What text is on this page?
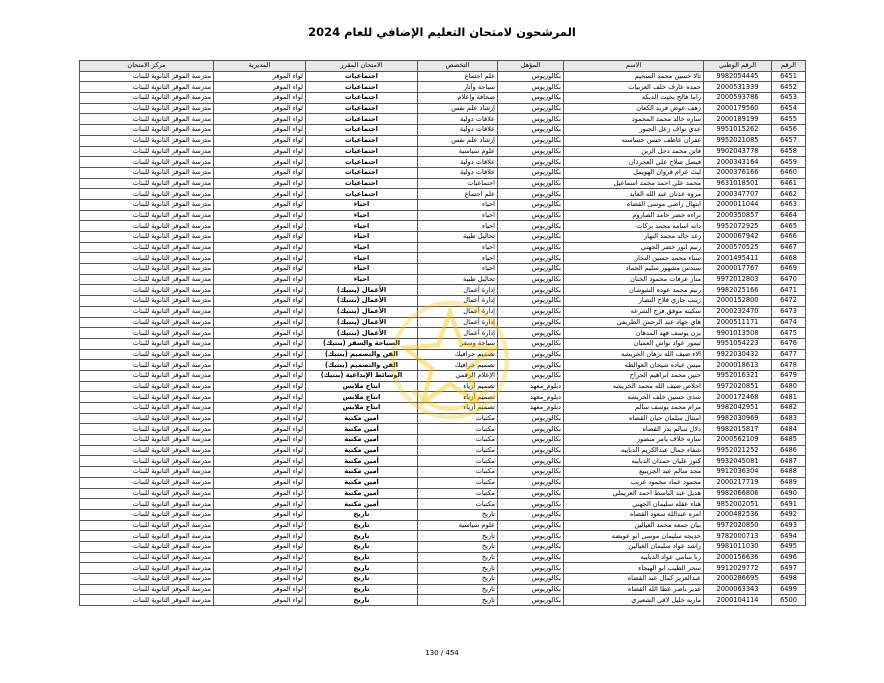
المرشحون لامتحان التعليم الإضافي للعام 2024
الرقم	الرقم الوطني	الاسم	المؤهل	التخصص	الامتحان المقرر	المديرية	مركز الامتحان
6451	9982054445	تالا حسين محمد السحيم	بكالوريوس	علم اجتماع	اجتماعيات	لواء الموقر	مدرسة الموقر الثانوية للبنات
6452	2000531339	حمده عارف خلف العربيات	بكالوريوس	سياحة وآثار	اجتماعيات	لواء الموقر	مدرسة الموقر الثانوية للبنات
6453	2000593786	راما فالح بخيت الدبكه	بكالوريوس	صحافة وإعلام	اجتماعيات	لواء الموقر	مدرسة الموقر الثانوية للبنات
6454	2000179560	رهف عوض فريد الكعان	بكالوريوس	إرشاد علم نفس	اجتماعيات	لواء الموقر	مدرسة الموقر الثانوية للبنات
6455	2000189199	ساره خالد محمد المحمود	بكالوريوس	علاقات دولية	اجتماعيات	لواء الموقر	مدرسة الموقر الثانوية للبنات
6456	9951015262	عدي نواف زعل الجبور	بكالوريوس	علاقات دولية	اجتماعيات	لواء الموقر	مدرسة الموقر الثانوية للبنات
6457	9952021085	غفران عاطف حسن حساسنه	بكالوريوس	إرشاد علم نفس	اجتماعيات	لواء الموقر	مدرسة الموقر الثانوية للبنات
6458	9902043778	فاتن محمد دحل الزبن	بكالوريوس	علوم سياسية	اجتماعيات	لواء الموقر	مدرسة الموقر الثانوية للبنات
6459	2000343164	فيصل صلاح علي العجرذان	بكالوريوس	علاقات دولية	اجتماعيات	لواء الموقر	مدرسة الموقر الثانوية للبنات
6460	2000376166	ليث عزام فروان الهويمل	بكالوريوس	علاقات دولية	اجتماعيات	لواء الموقر	مدرسة الموقر الثانوية للبنات
6461	9631018501	محمد علي احمد محمد اسماعيل	بكالوريوس	اجتماعيات	اجتماعيات	لواء الموقر	مدرسة الموقر الثانوية للبنات
6462	2000347707	مروه عدنان عبد الله العابد	بكالوريوس	علم اجتماع	اجتماعيات	لواء الموقر	مدرسة الموقر الثانوية للبنات
6463	2000011044	ابتهال راضي موسى القضاه	بكالوريوس	احياء	احياء	لواء الموقر	مدرسة الموقر الثانوية للبنات
6464	2000350857	براءه خضر حامد الصاروم	بكالوريوس	احياء	احياء	لواء الموقر	مدرسة الموقر الثانوية للبنات
6465	9952072925	دانه اسامه محمد بركات	بكالوريوس	احياء	احياء	لواء الموقر	مدرسة الموقر الثانوية للبنات
6466	2000067942	رغد خالد محمد النهار	بكالوريوس	تحاليل طبية	احياء	لواء الموقر	مدرسة الموقر الثانوية للبنات
6467	2000570525	رنيم انور خضر الجهني	بكالوريوس	احياء	احياء	لواء الموقر	مدرسة الموقر الثانوية للبنات
6468	2001495411	سناء محمد حسين النجار	بكالوريوس	احياء	احياء	لواء الموقر	مدرسة الموقر الثانوية للبنات
6469	2000017767	سندس مشهور سليم الحماد	بكالوريوس	احياء	احياء	لواء الموقر	مدرسة الموقر الثانوية للبنات
6470	9972012803	منار عرفات محمود الخنان	بكالوريوس	تحاليل طبية	احياء	لواء الموقر	مدرسة الموقر الثانوية للبنات
6471	9982025166	رنيم محمد عوده الشوشان	بكالوريوس	إدارة أعمال	الأعمال (بنتيك)	لواء الموقر	مدرسة الموقر الثانوية للبنات
6472	2000152800	زينب جازي فلاح التصار	بكالوريوس	إدارة أعمال	الأعمال (بنتيك)	لواء الموقر	مدرسة الموقر الثانوية للبنات
6473	2000232470	سكينه موفق فرج الشرعه	بكالوريوس	إدارة أعمال	الأعمال (بنتيك)	لواء الموقر	مدرسة الموقر الثانوية للبنات
6474	2000511171	هاي جهاد عبد الرحمن الطريفي	بكالوريوس	إدارة أعمال	الأعمال (بنتيك)	لواء الموقر	مدرسة الموقر الثانوية للبنات
6475	9901013508	يزن يوسف فهد المدهان	بكالوريوس	إدارة أعمال	الأعمال (بنتيك)	لواء الموقر	مدرسة الموقر الثانوية للبنات
6476	9951054223	تيمور عواد نواش العميان	بكالوريوس	سياحة وسفر	السياحة والسفر (بنتيك)	لواء الموقر	مدرسة الموقر الثانوية للبنات
6477	9922030432	الاء ضيف الله نزهان الخريشه	بكالوريوس	تصميم جرافيك	الفن والتصميم (بنتيك)	لواء الموقر	مدرسة الموقر الثانوية للبنات
6478	2000018613	ميس عباده شيحان الغوالطه	بكالوريوس	تصميم جرافيك	الفن والتصميم (بنتيك)	لواء الموقر	مدرسة الموقر الثانوية للبنات
6479	9952016321	حنين محمد ابراهيم الجراح	بكالوريوس	الإعلام الرقمي	الوسائط الإبداعية (بنتيك)	لواء الموقر	مدرسة الموقر الثانوية للبنات
6480	9972020851	اخلاص ضيف الله محمد الخريشه	دبلوم_معهد	تصميم أزياء	انتاج ملابس	لواء الموقر	مدرسة الموقر الثانوية للبنات
6481	2000172468	شذى حسين خلف الخريشه	دبلوم_معهد	تصميم أزياء	انتاج ملابس	لواء الموقر	مدرسة الموقر الثانوية للبنات
6482	9982042951	مرام محمد يوسف سالم	دبلوم_معهد	تصميم أزياء	انتاج ملابس	لواء الموقر	مدرسة الموقر الثانوية للبنات
6483	9982030969	امتثال سلمان حيان القضاه	بكالوريوس	مكتبات	أمين مكتبة	لواء الموقر	مدرسة الموقر الثانوية للبنات
6484	9982015817	دلال سالم بدر القضاه	بكالوريوس	مكتبات	أمين مكتبة	لواء الموقر	مدرسة الموقر الثانوية للبنات
6485	2000562109	ساره خلاف يامر منصور	بكالوريوس	مكتبات	أمين مكتبة	لواء الموقر	مدرسة الموقر الثانوية للبنات
6486	9952021252	شفاء جمال عبدالكريم الدبايبه	بكالوريوس	مكتبات	أمين مكتبة	لواء الموقر	مدرسة الموقر الثانوية للبنات
6487	9932045081	كنوز عليان حمدان الدبايبه	بكالوريوس	مكتبات	أمين مكتبة	لواء الموقر	مدرسة الموقر الثانوية للبنات
6488	9912036304	مجد سالم عيد الجريبيع	بكالوريوس	مكتبات	أمين مكتبة	لواء الموقر	مدرسة الموقر الثانوية للبنات
6489	2000217719	محمود عماد محمود غريب	بكالوريوس	مكتبات	أمين مكتبة	لواء الموقر	مدرسة الموقر الثانوية للبنات
6490	9982066806	هديل عبد الباسط احمد العريملي	بكالوريوس	مكتبات	أمين مكتبة	لواء الموقر	مدرسة الموقر الثانوية للبنات
6491	9852002051	هناء عقله سليمان الجهني	بكالوريوس	مكتبات	أمين مكتبة	لواء الموقر	مدرسة الموقر الثانوية للبنات
6492	2000482536	امره عبدالله سعود القضاه	بكالوريوس	تاريخ	تاريخ	لواء الموقر	مدرسة الموقر الثانوية للبنات
6493	9972020850	بيان جمعه محمد الغيالين	بكالوريوس	علوم سياسية	تاريخ	لواء الموقر	مدرسة الموقر الثانوية للبنات
6494	9782000713	خديجه سليمان موسى ابو عويضه	بكالوريوس	تاريخ	تاريخ	لواء الموقر	مدرسة الموقر الثانوية للبنات
6495	9981011030	راشد عواد سليمان الغيالين	بكالوريوس	تاريخ	تاريخ	لواء الموقر	مدرسة الموقر الثانوية للبنات
6496	2000156636	رنا سامي عواد الدبايبه	بكالوريوس	تاريخ	تاريخ	لواء الموقر	مدرسة الموقر الثانوية للبنات
6497	9912029772	سحر الطيب ابو الهيجاء	بكالوريوس	تاريخ	تاريخ	لواء الموقر	مدرسة الموقر الثانوية للبنات
6498	2000286695	عبدالعزيز كمال عبد القضاه	بكالوريوس	تاريخ	تاريخ	لواء الموقر	مدرسة الموقر الثانوية للبنات
6499	2000063343	غدير ناصر عطا الله القضاه	بكالوريوس	تاريخ	تاريخ	لواء الموقر	مدرسة الموقر الثانوية للبنات
6500	2000104114	ماريه خليل لافي الشعيري	بكالوريوس	تاريخ	تاريخ	لواء الموقر	مدرسة الموقر الثانوية للبنات
130 / 454
